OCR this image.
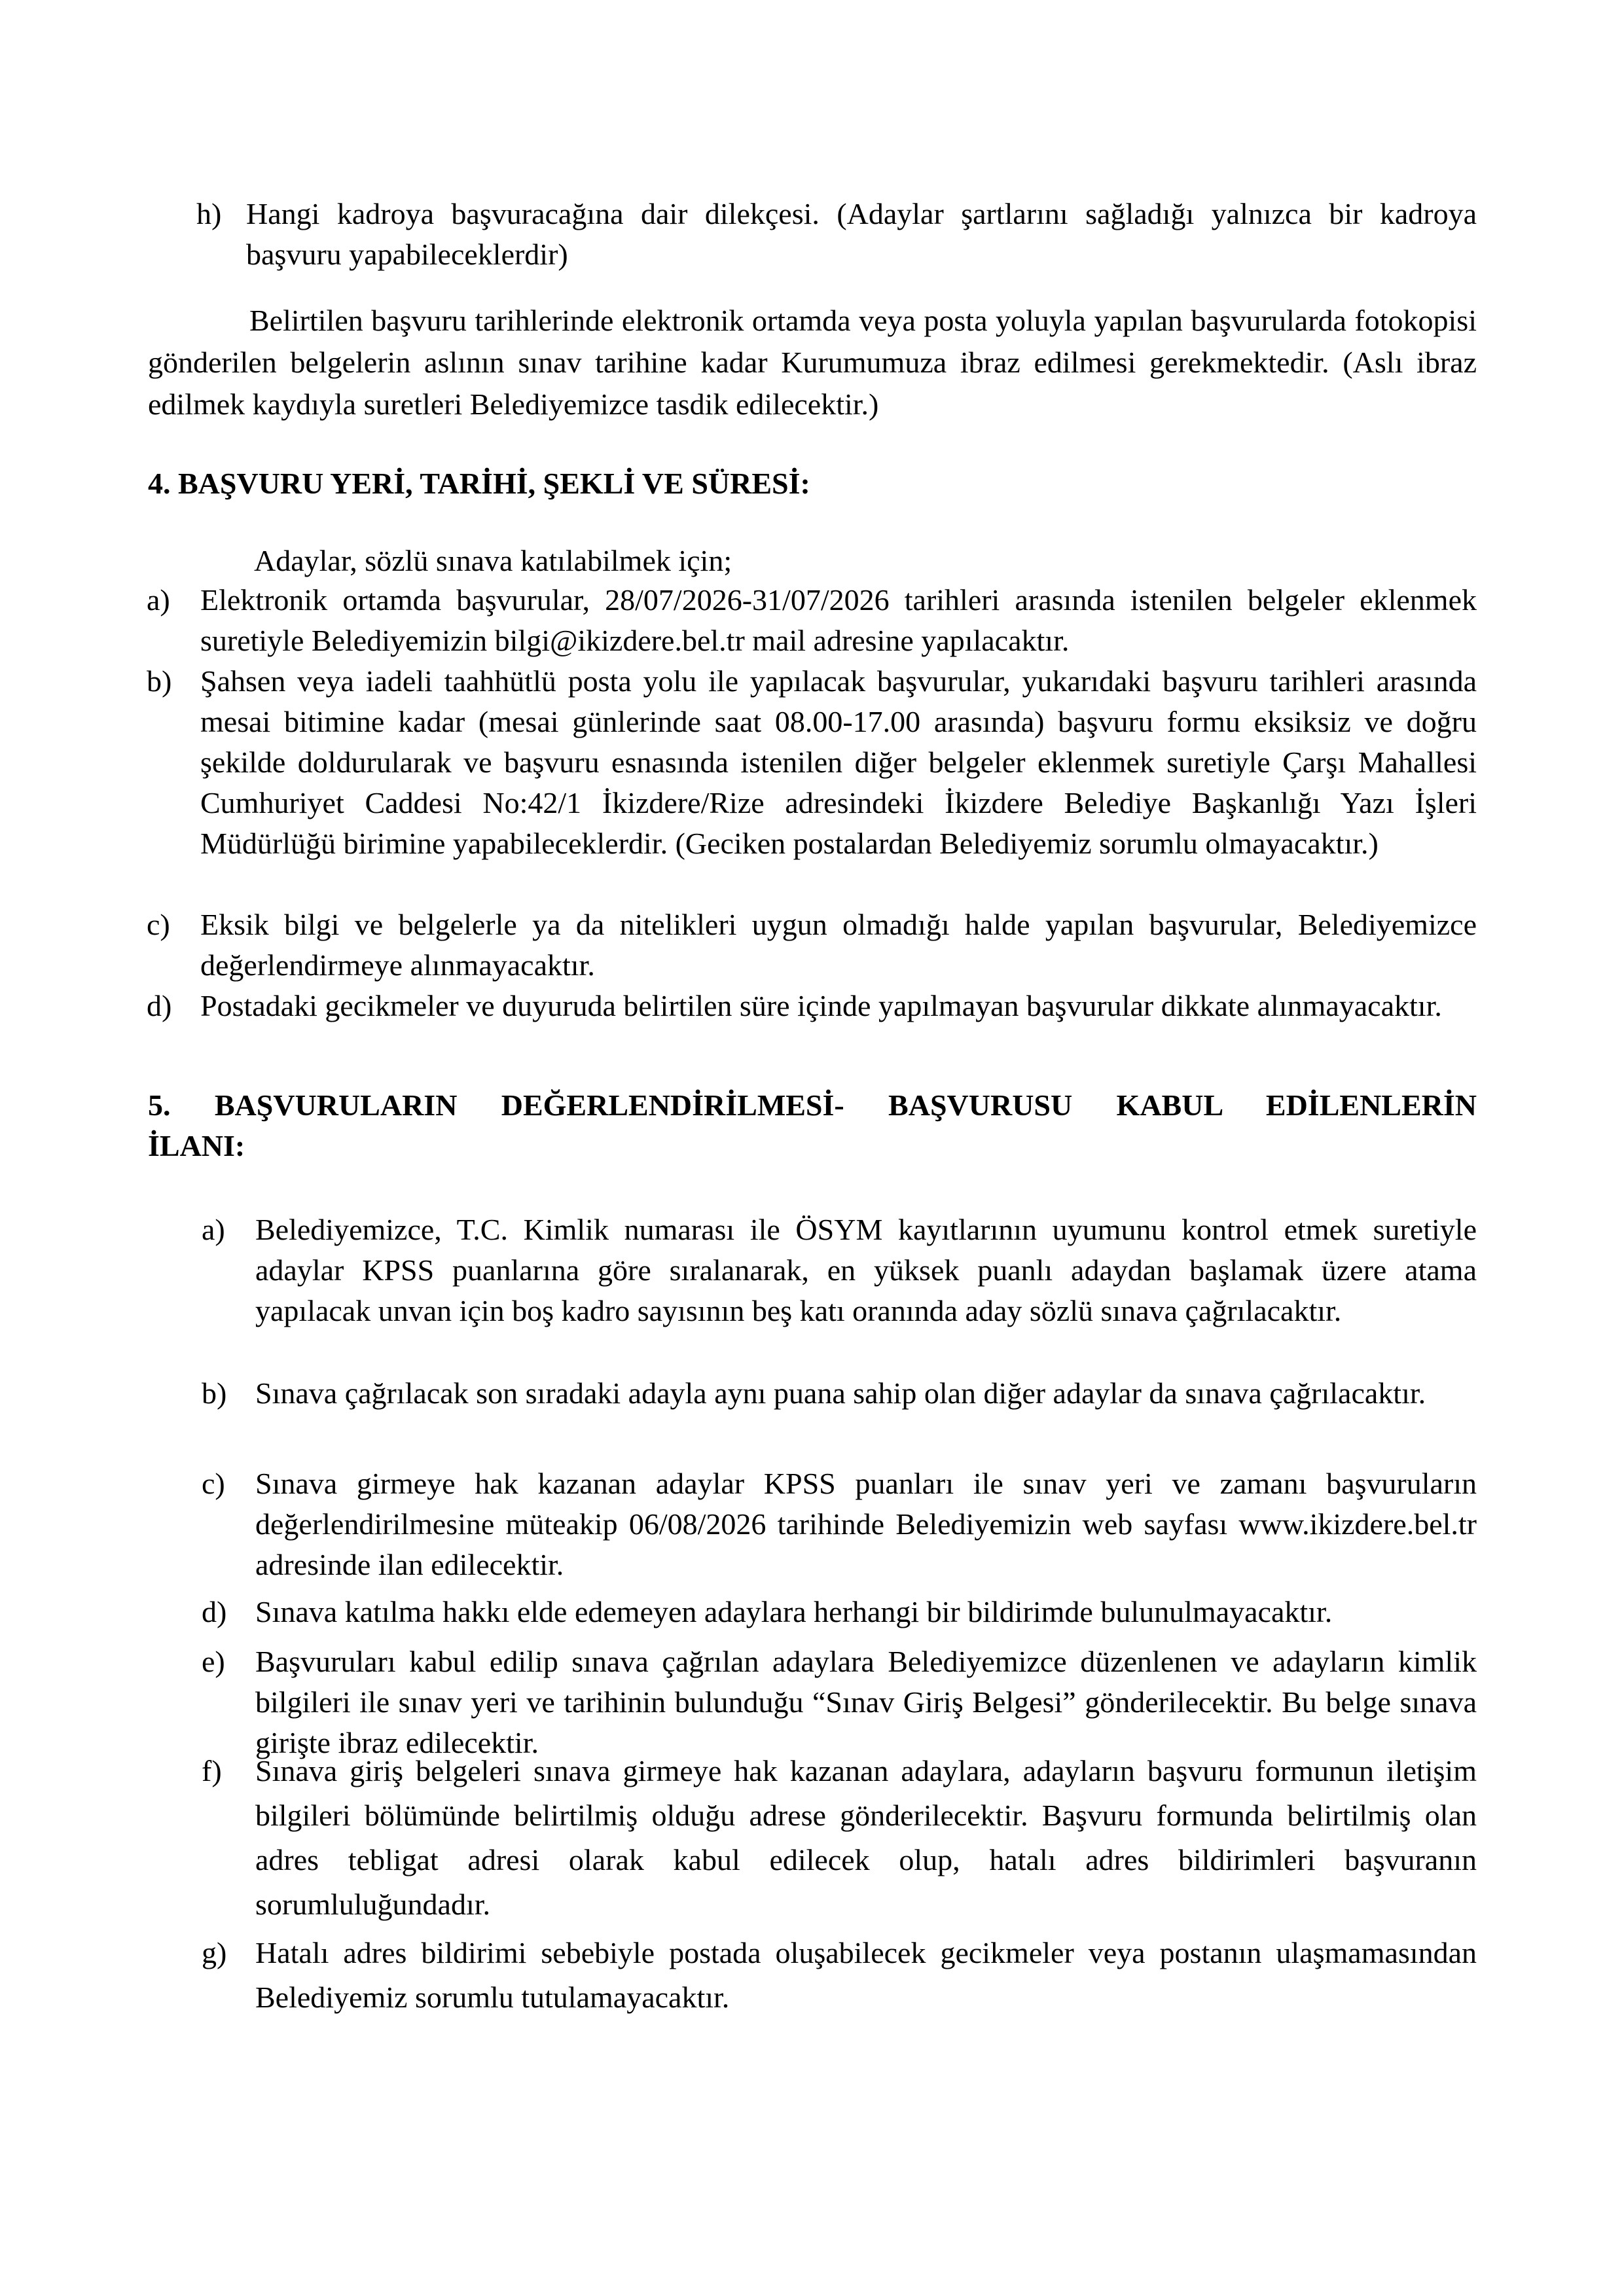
h) Hangi kadroya başvuracağına dair dilekçesi. (Adaylar şartlarını sağladığı yalnızca bir kadroya başvuru yapabileceklerdir)
Belirtilen başvuru tarihlerinde elektronik ortamda veya posta yoluyla yapılan başvurularda fotokopisi gönderilen belgelerin aslının sınav tarihine kadar Kurumumuza ibraz edilmesi gerekmektedir. (Aslı ibraz edilmek kaydıyla suretleri Belediyemizce tasdik edilecektir.)
4. BAŞVURU YERİ, TARİHİ, ŞEKLİ VE SÜRESİ:
Adaylar, sözlü sınava katılabilmek için;
a) Elektronik ortamda başvurular, 28/07/2026-31/07/2026 tarihleri arasında istenilen belgeler eklenmek suretiyle Belediyemizin bilgi@ikizdere.bel.tr mail adresine yapılacaktır.
b) Şahsen veya iadeli taahhütlü posta yolu ile yapılacak başvurular, yukarıdaki başvuru tarihleri arasında mesai bitimine kadar (mesai günlerinde saat 08.00-17.00 arasında) başvuru formu eksiksiz ve doğru şekilde doldurularak ve başvuru esnasında istenilen diğer belgeler eklenmek suretiyle Çarşı Mahallesi Cumhuriyet Caddesi No:42/1 İkizdere/Rize adresindeki İkizdere Belediye Başkanlığı Yazı İşleri Müdürlüğü birimine yapabileceklerdir. (Geciken postalardan Belediyemiz sorumlu olmayacaktır.)
c) Eksik bilgi ve belgelerle ya da nitelikleri uygun olmadığı halde yapılan başvurular, Belediyemizce değerlendirmeye alınmayacaktır.
d) Postadaki gecikmeler ve duyuruda belirtilen süre içinde yapılmayan başvurular dikkate alınmayacaktır.
5. BAŞVURULARIN DEĞERLENDİRİLMESİ- BAŞVURUSU KABUL EDİLENLERİN İLANI:
a) Belediyemizce, T.C. Kimlik numarası ile ÖSYM kayıtlarının uyumunu kontrol etmek suretiyle adaylar KPSS puanlarına göre sıralanarak, en yüksek puanlı adaydan başlamak üzere atama yapılacak unvan için boş kadro sayısının beş katı oranında aday sözlü sınava çağrılacaktır.
b) Sınava çağrılacak son sıradaki adayla aynı puana sahip olan diğer adaylar da sınava çağrılacaktır.
c) Sınava girmeye hak kazanan adaylar KPSS puanları ile sınav yeri ve zamanı başvuruların değerlendirilmesine müteakip 06/08/2026 tarihinde Belediyemizin web sayfası www.ikizdere.bel.tr adresinde ilan edilecektir.
d) Sınava katılma hakkı elde edemeyen adaylara herhangi bir bildirimde bulunulmayacaktır.
e) Başvuruları kabul edilip sınava çağrılan adaylara Belediyemizce düzenlenen ve adayların kimlik bilgileri ile sınav yeri ve tarihinin bulunduğu “Sınav Giriş Belgesi” gönderilecektir. Bu belge sınava girişte ibraz edilecektir.
f) Sınava giriş belgeleri sınava girmeye hak kazanan adaylara, adayların başvuru formunun iletişim bilgileri bölümünde belirtilmiş olduğu adrese gönderilecektir. Başvuru formunda belirtilmiş olan adres tebligat adresi olarak kabul edilecek olup, hatalı adres bildirimleri başvuranın sorumluluğundadır.
g) Hatalı adres bildirimi sebebiyle postada oluşabilecek gecikmeler veya postanın ulaşmamasından Belediyemiz sorumlu tutulamayacaktır.
